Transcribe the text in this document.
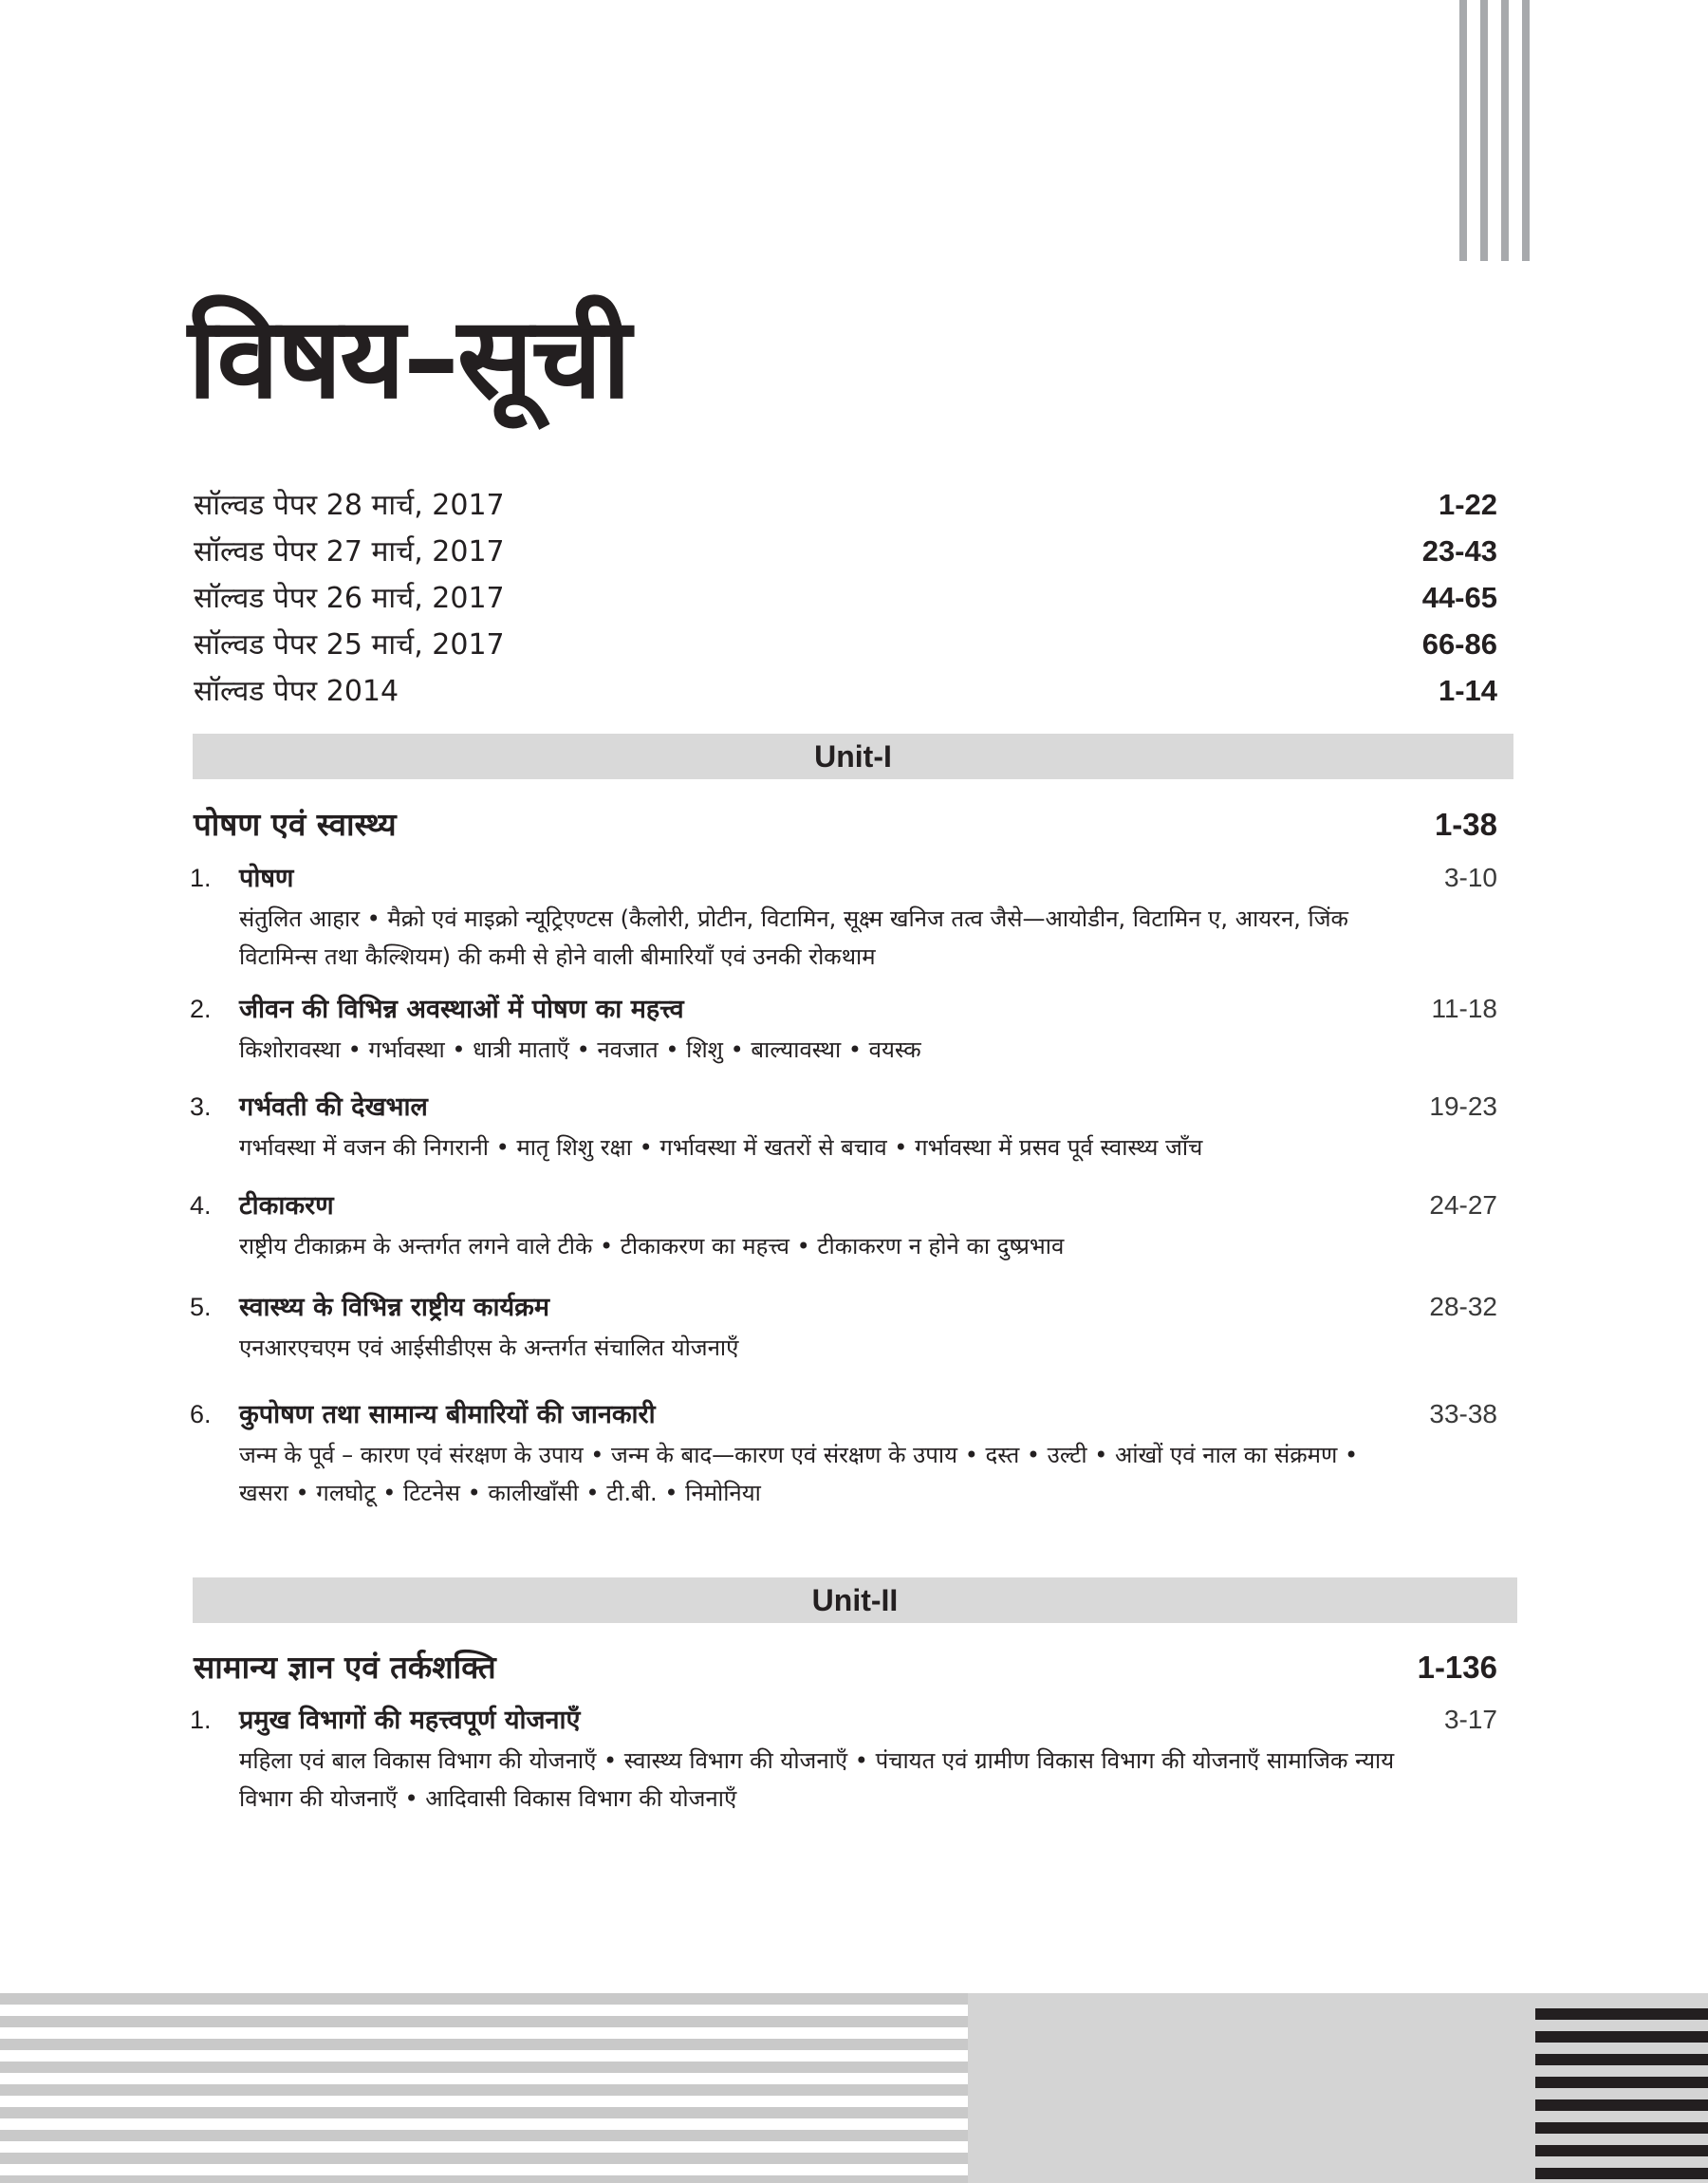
विषय–सूची
सॉल्वड पेपर 28 मार्च, 2017	1-22
सॉल्वड पेपर 27 मार्च, 2017	23-43
सॉल्वड पेपर 26 मार्च, 2017	44-65
सॉल्वड पेपर 25 मार्च, 2017	66-86
सॉल्वड पेपर 2014	1-14
Unit-I
पोषण एवं स्वास्थ्य	1-38
1.	पोषण	3-10
संतुलित आहार • मैक्रो एवं माइक्रो न्यूट्रिएण्टस (कैलोरी, प्रोटीन, विटामिन, सूक्ष्म खनिज तत्व जैसे—आयोडीन, विटामिन ए, आयरन, जिंक विटामिन्स तथा कैल्शियम) की कमी से होने वाली बीमारियाँ एवं उनकी रोकथाम
2.	जीवन की विभिन्न अवस्थाओं में पोषण का महत्त्व	11-18
किशोरावस्था • गर्भावस्था • धात्री माताएँ • नवजात • शिशु • बाल्यावस्था • वयस्क
3.	गर्भवती की देखभाल	19-23
गर्भावस्था में वजन की निगरानी • मातृ शिशु रक्षा • गर्भावस्था में खतरों से बचाव • गर्भावस्था में प्रसव पूर्व स्वास्थ्य जाँच
4.	टीकाकरण	24-27
राष्ट्रीय टीकाक्रम के अन्तर्गत लगने वाले टीके • टीकाकरण का महत्त्व • टीकाकरण न होने का दुष्प्रभाव
5.	स्वास्थ्य के विभिन्न राष्ट्रीय कार्यक्रम	28-32
एनआरएचएम एवं आईसीडीएस के अन्तर्गत संचालित योजनाएँ
6.	कुपोषण तथा सामान्य बीमारियों की जानकारी	33-38
जन्म के पूर्व – कारण एवं संरक्षण के उपाय • जन्म के बाद—कारण एवं संरक्षण के उपाय • दस्त • उल्टी • आंखों एवं नाल का संक्रमण • खसरा • गलघोटू • टिटनेस • कालीखाँसी • टी.बी. • निमोनिया
Unit-II
सामान्य ज्ञान एवं तर्कशक्ति	1-136
1.	प्रमुख विभागों की महत्त्वपूर्ण योजनाएँ	3-17
महिला एवं बाल विकास विभाग की योजनाएँ • स्वास्थ्य विभाग की योजनाएँ • पंचायत एवं ग्रामीण विकास विभाग की योजनाएँ सामाजिक न्याय विभाग की योजनाएँ • आदिवासी विकास विभाग की योजनाएँ
